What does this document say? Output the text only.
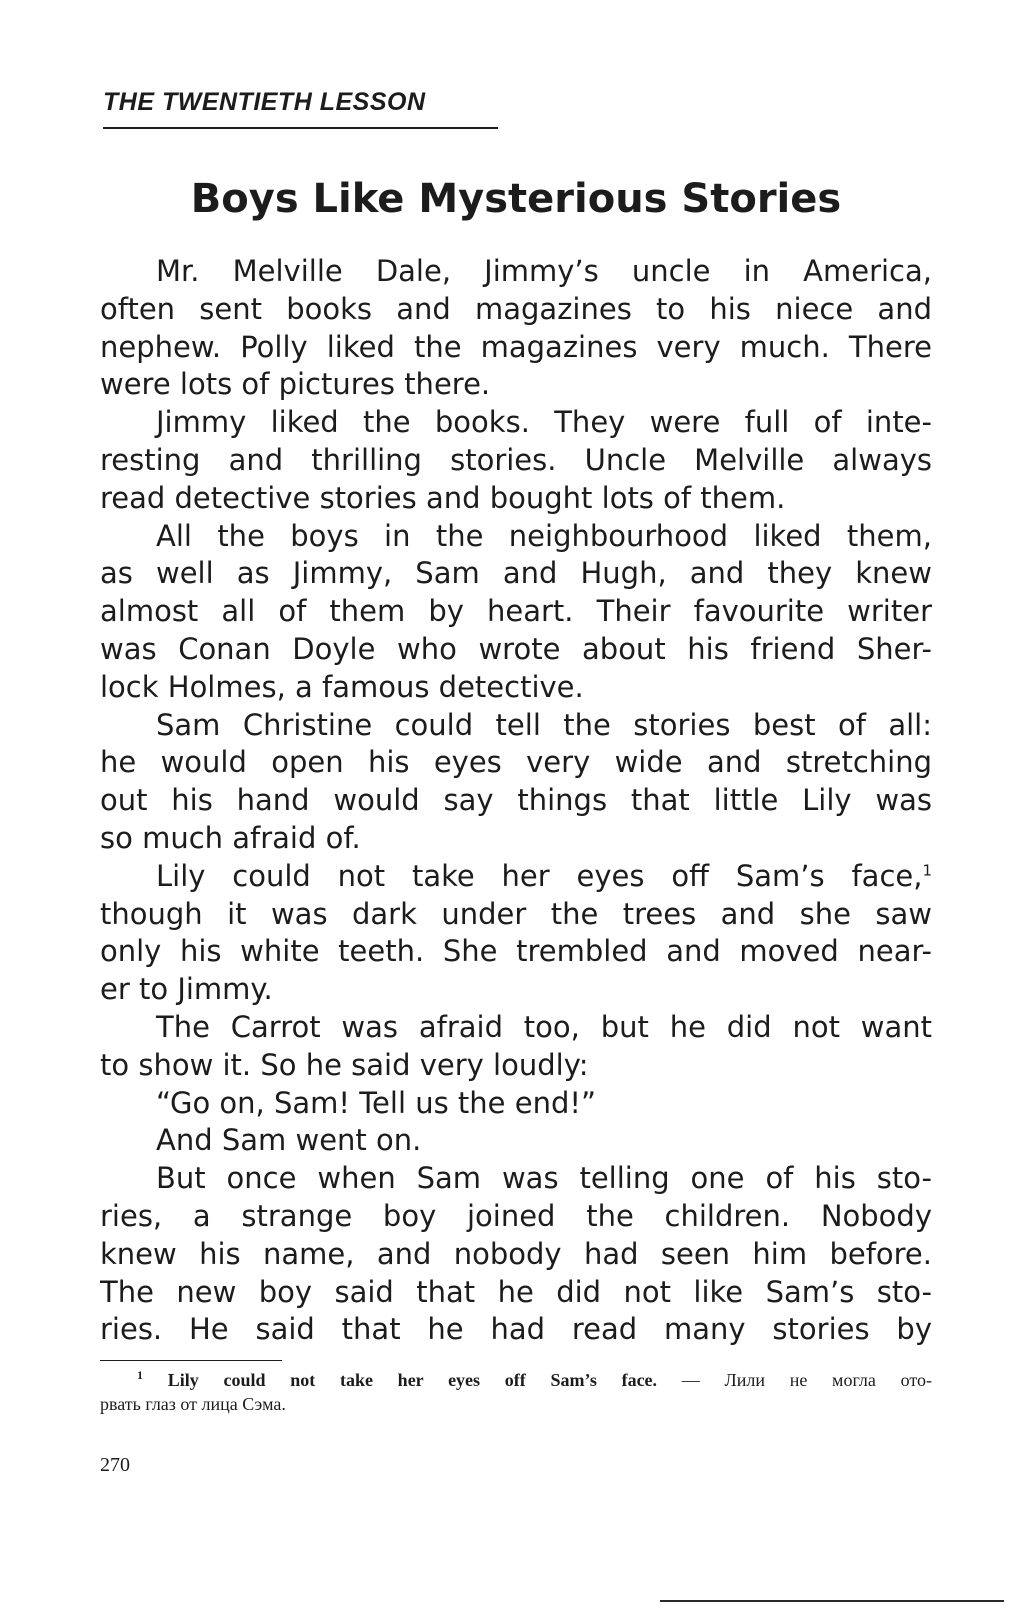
THE TWENTIETH LESSON
Boys Like Mysterious Stories
Mr. Melville Dale, Jimmy’s uncle in America,
often sent books and magazines to his niece and
nephew. Polly liked the magazines very much. There
were lots of pictures there.
Jimmy liked the books. They were full of inte-
resting and thrilling stories. Uncle Melville always
read detective stories and bought lots of them.
All the boys in the neighbourhood liked them,
as well as Jimmy, Sam and Hugh, and they knew
almost all of them by heart. Their favourite writer
was Conan Doyle who wrote about his friend Sher-
lock Holmes, a famous detective.
Sam Christine could tell the stories best of all:
he would open his eyes very wide and stretching
out his hand would say things that little Lily was
so much afraid of.
Lily could not take her eyes off Sam’s face,$^1$
though it was dark under the trees and she saw
only his white teeth. She trembled and moved near-
er to Jimmy.
The Carrot was afraid too, but he did not want
to show it. So he said very loudly:
“Go on, Sam! Tell us the end!”
And Sam went on.
But once when Sam was telling one of his sto-
ries, a strange boy joined the children. Nobody
knew his name, and nobody had seen him before.
The new boy said that he did not like Sam’s sto-
ries. He said that he had read many stories by
$^1$ Lily could not take her eyes off Sam’s face. — Лили не могла ото-
рвать глаз от лица Сэма.
270
